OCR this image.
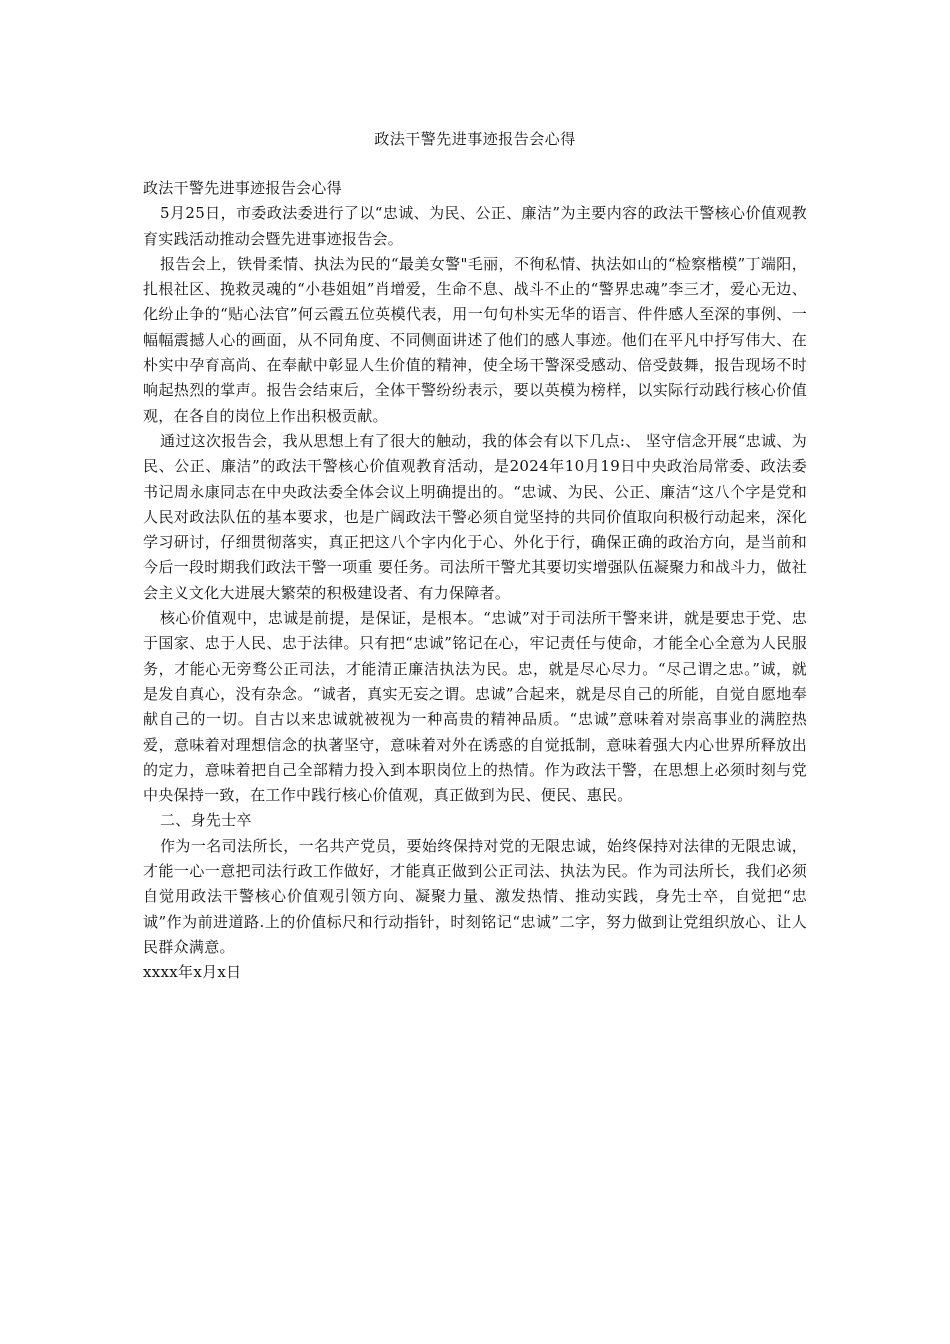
政法干警先进事迹报告会心得

政法干警先进事迹报告会心得

5月25日，市委政法委进行了以“忠诚、为民、公正、廉洁”为主要内容的政法干警核心价值观教育实践活动推动会暨先进事迹报告会。

报告会上，铁骨柔情、执法为民的“最美女警"毛丽，不徇私情、执法如山的“检察楷模”丁端阳，扎根社区、挽救灵魂的“小巷姐姐”肖增爱，生命不息、战斗不止的“警界忠魂”李三才，爱心无边、化纷止争的“贴心法官”何云霞五位英模代表，用一句句朴实无华的语言、件件感人至深的事例、一幅幅震撼人心的画面，从不同角度、不同侧面讲述了他们的感人事迹。他们在平凡中抒写伟大、在朴实中孕育高尚、在奉献中彰显人生价值的精神，使全场干警深受感动、倍受鼓舞，报告现场不时响起热烈的掌声。报告会结束后，全体干警纷纷表示，要以英模为榜样，以实际行动践行核心价值观，在各自的岗位上作出积极贡献。

通过这次报告会，我从思想上有了很大的触动，我的体会有以下几点:、 坚守信念开展“忠诚、为民、公正、廉洁”的政法干警核心价值观教育活动，是2024年10月19日中央政治局常委、政法委书记周永康同志在中央政法委全体会议上明确提出的。“忠诚、为民、公正、廉洁“这八个字是党和人民对政法队伍的基本要求，也是广阔政法干警必须自觉坚持的共同价值取向积极行动起来，深化学习研讨，仔细贯彻落实，真正把这八个字内化于心、外化于行，确保正确的政治方向，是当前和今后一段时期我们政法干警一项重 要任务。司法所干警尤其要切实增强队伍凝聚力和战斗力，做社会主义文化大进展大繁荣的积极建设者、有力保障者。

核心价值观中，忠诚是前提，是保证，是根本。“忠诚”对于司法所干警来讲，就是要忠于党、忠于国家、忠于人民、忠于法律。只有把“忠诚”铭记在心，牢记责任与使命，才能全心全意为人民服务，才能心无旁骛公正司法，才能清正廉洁执法为民。忠，就是尽心尽力。“尽己谓之忠。”诚，就是发自真心，没有杂念。“诚者，真实无妄之谓。忠诚”合起来，就是尽自己的所能，自觉自愿地奉献自己的一切。自古以来忠诚就被视为一种高贵的精神品质。“忠诚”意味着对崇高事业的满腔热爱，意味着对理想信念的执著坚守，意味着对外在诱惑的自觉抵制，意味着强大内心世界所释放出的定力，意味着把自己全部精力投入到本职岗位上的热情。作为政法干警，在思想上必须时刻与党中央保持一致，在工作中践行核心价值观，真正做到为民、便民、惠民。

二、身先士卒

作为一名司法所长，一名共产党员，要始终保持对党的无限忠诚，始终保持对法律的无限忠诚，才能一心一意把司法行政工作做好，才能真正做到公正司法、执法为民。作为司法所长，我们必须自觉用政法干警核心价值观引领方向、凝聚力量、激发热情、推动实践，身先士卒，自觉把“忠诚”作为前进道路.上的价值标尺和行动指针，时刻铭记“忠诚”二字，努力做到让党组织放心、让人民群众满意。

xxxx年x月x日
